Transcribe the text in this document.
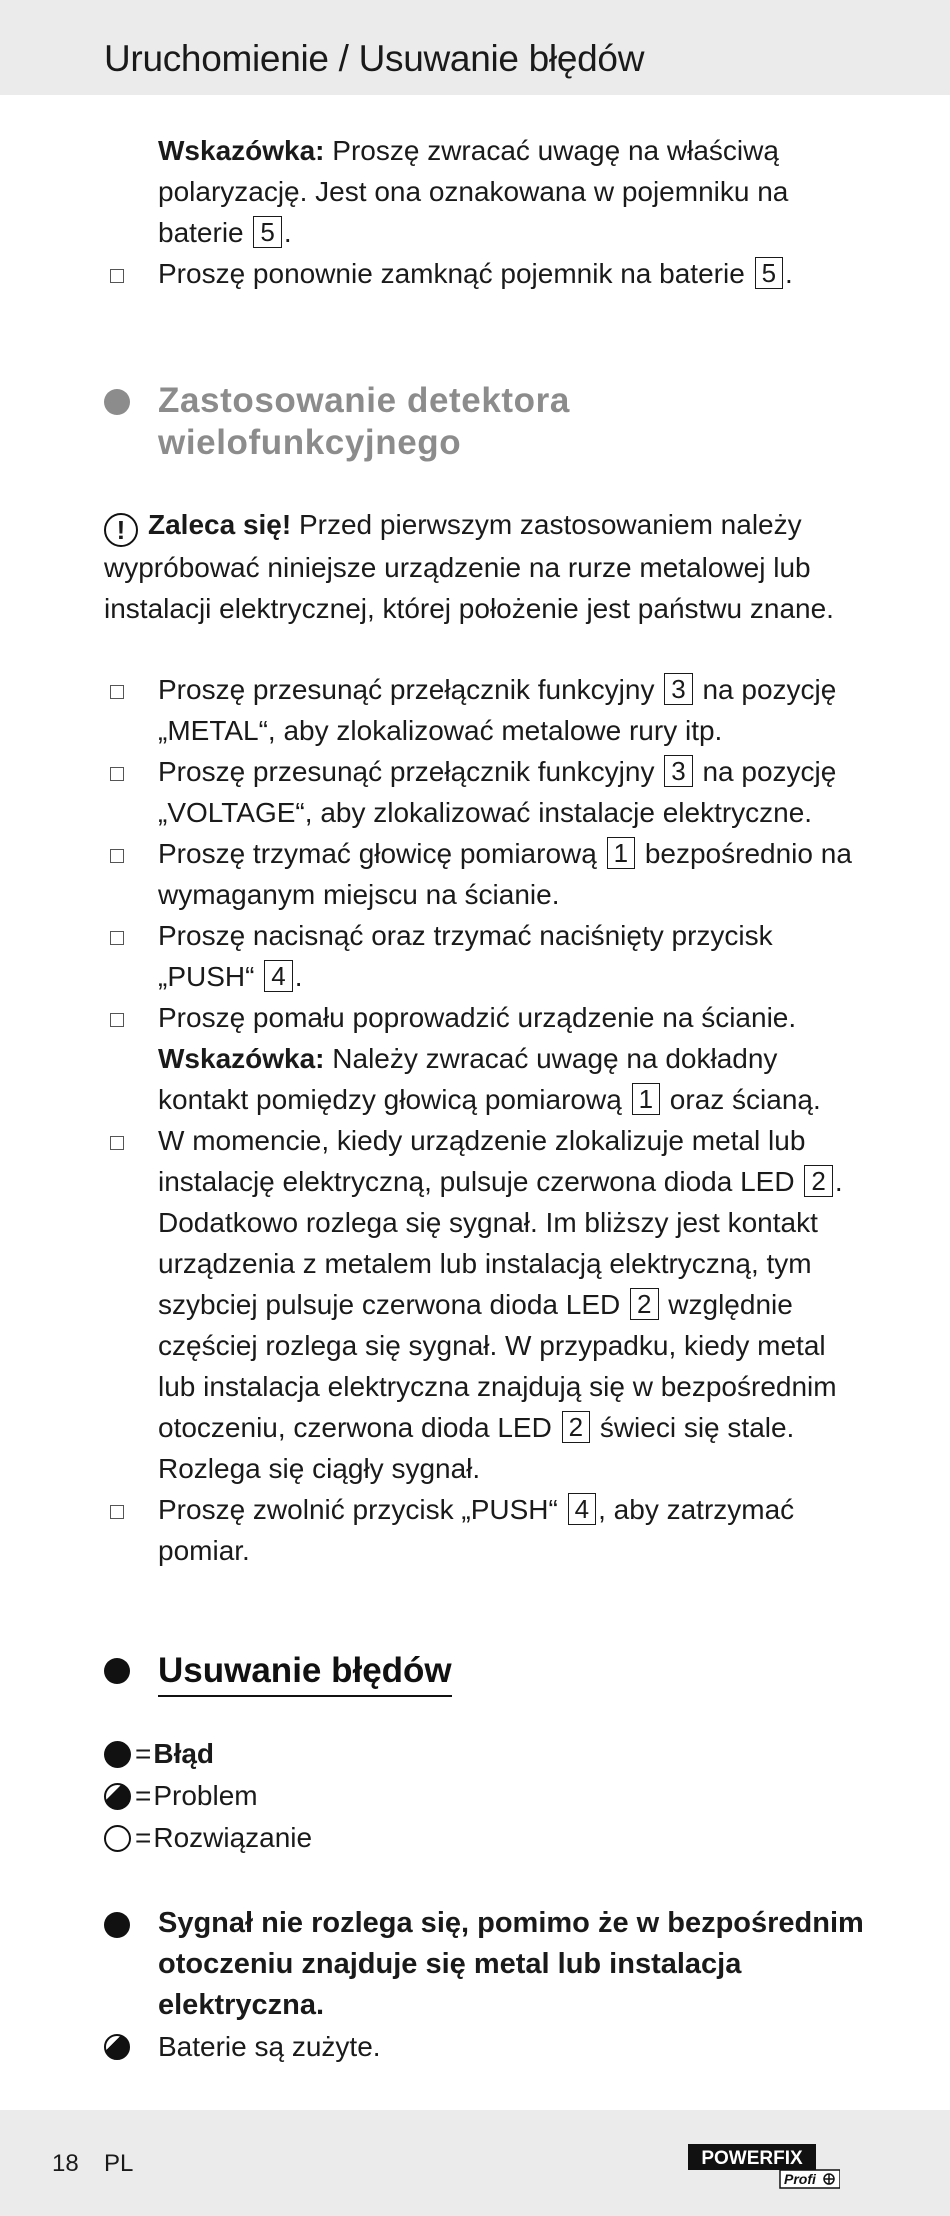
Uruchomienie / Usuwanie błędów
Wskazówka: Proszę zwracać uwagę na właściwą polaryzację. Jest ona oznakowana w pojemniku na baterie 5 .
Proszę ponownie zamknąć pojemnik na baterie 5 .
Zastosowanie detektora
wielofunkcyjnego
! Zaleca się! Przed pierwszym zastosowaniem należy wypróbować niniejsze urządzenie na rurze metalowej lub instalacji elektrycznej, której położenie jest państwu znane.
Proszę przesunąć przełącznik funkcyjny 3 na pozycję „METAL“, aby zlokalizować metalowe rury itp.
Proszę przesunąć przełącznik funkcyjny 3 na pozycję „VOLTAGE“, aby zlokalizować instalacje elektryczne.
Proszę trzymać głowicę pomiarową 1 bezpośrednio na wymaganym miejscu na ścianie.
Proszę nacisnąć oraz trzymać naciśnięty przycisk „PUSH“ 4 .
Proszę pomału poprowadzić urządzenie na ścianie.
Wskazówka: Należy zwracać uwagę na dokładny kontakt pomiędzy głowicą pomiarową 1 oraz ścianą.
W momencie, kiedy urządzenie zlokalizuje metal lub instalację elektryczną, pulsuje czerwona dioda LED 2 . Dodatkowo rozlega się sygnał. Im bliższy jest kontakt urządzenia z metalem lub instalacją elektryczną, tym szybciej pulsuje czerwona dioda LED 2 względnie częściej rozlega się sygnał. W przypadku, kiedy metal lub instalacja elektryczna znajdują się w bezpośrednim otoczeniu, czerwona dioda LED 2 świeci się stale. Rozlega się ciągły sygnał.
Proszę zwolnić przycisk „PUSH“ 4 , aby zatrzymać pomiar.
Usuwanie błędów
= Błąd
= Problem
= Rozwiązanie
Sygnał nie rozlega się, pomimo że w bezpośrednim otoczeniu znajduje się metal lub instalacja elektryczna.
Baterie są zużyte.
18 PL	POWERFIX
Profi
